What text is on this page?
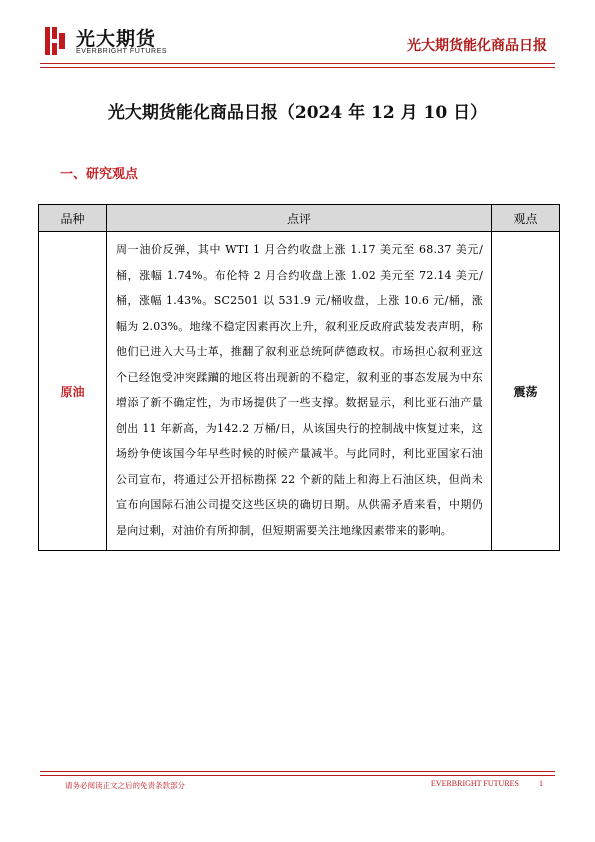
光大期货
EVERBRIGHT FUTURES	光大期货能化商品日报
光大期货能化商品日报（2024 年 12 月 10 日）
一、研究观点
品种	点评	观点
原油	周一油价反弹，其中 WTI 1 月合约收盘上涨 1.17 美元至 68.37 美元/桶，涨幅 1.74%。布伦特 2 月合约收盘上涨 1.02 美元至 72.14 美元/桶，涨幅 1.43%。SC2501 以 531.9 元/桶收盘，上涨 10.6 元/桶，涨幅为 2.03%。地缘不稳定因素再次上升，叙利亚反政府武装发表声明，称他们已进入大马士革，推翻了叙利亚总统阿萨德政权。市场担心叙利亚这个已经饱受冲突蹂躏的地区将出现新的不稳定，叙利亚的事态发展为中东增添了新不确定性，为市场提供了一些支撑。数据显示，利比亚石油产量创出 11 年新高，为142.2 万桶/日，从该国央行的控制战中恢复过来，这场纷争使该国今年早些时候的时候产量减半。与此同时，利比亚国家石油公司宣布，将通过公开招标勘探 22 个新的陆上和海上石油区块，但尚未宣布向国际石油公司提交这些区块的确切日期。从供需矛盾来看，中期仍是向过剩，对油价有所抑制，但短期需要关注地缘因素带来的影响。	震荡
请务必阅读正文之后的免责条款部分	EVERBRIGHT FUTURES	1
